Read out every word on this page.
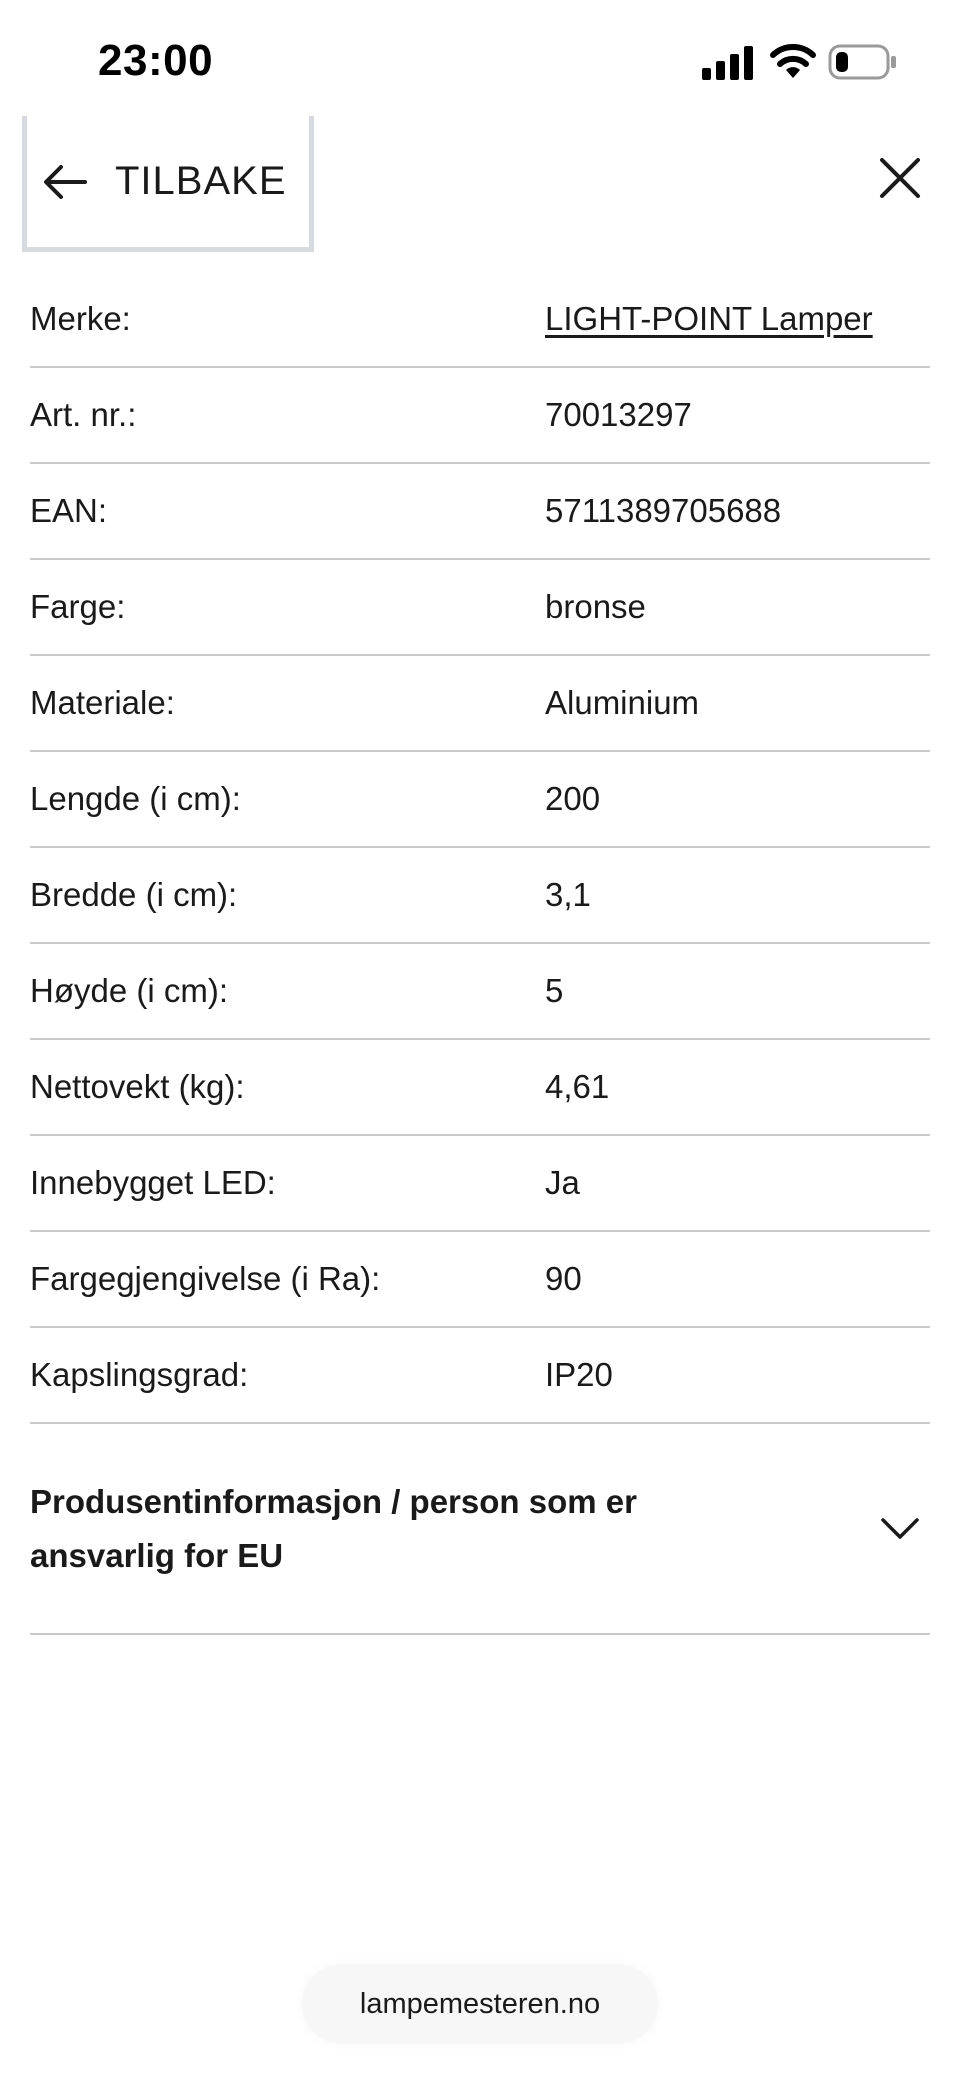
23:00
TILBAKE
Merke:	LIGHT-POINT Lamper
Art. nr.:	70013297
EAN:	5711389705688
Farge:	bronse
Materiale:	Aluminium
Lengde (i cm):	200
Bredde (i cm):	3,1
Høyde (i cm):	5
Nettovekt (kg):	4,61
Innebygget LED:	Ja
Fargegjengivelse (i Ra):	90
Kapslingsgrad:	IP20
Produsentinformasjon / person som er ansvarlig for EU
lampemesteren.no
